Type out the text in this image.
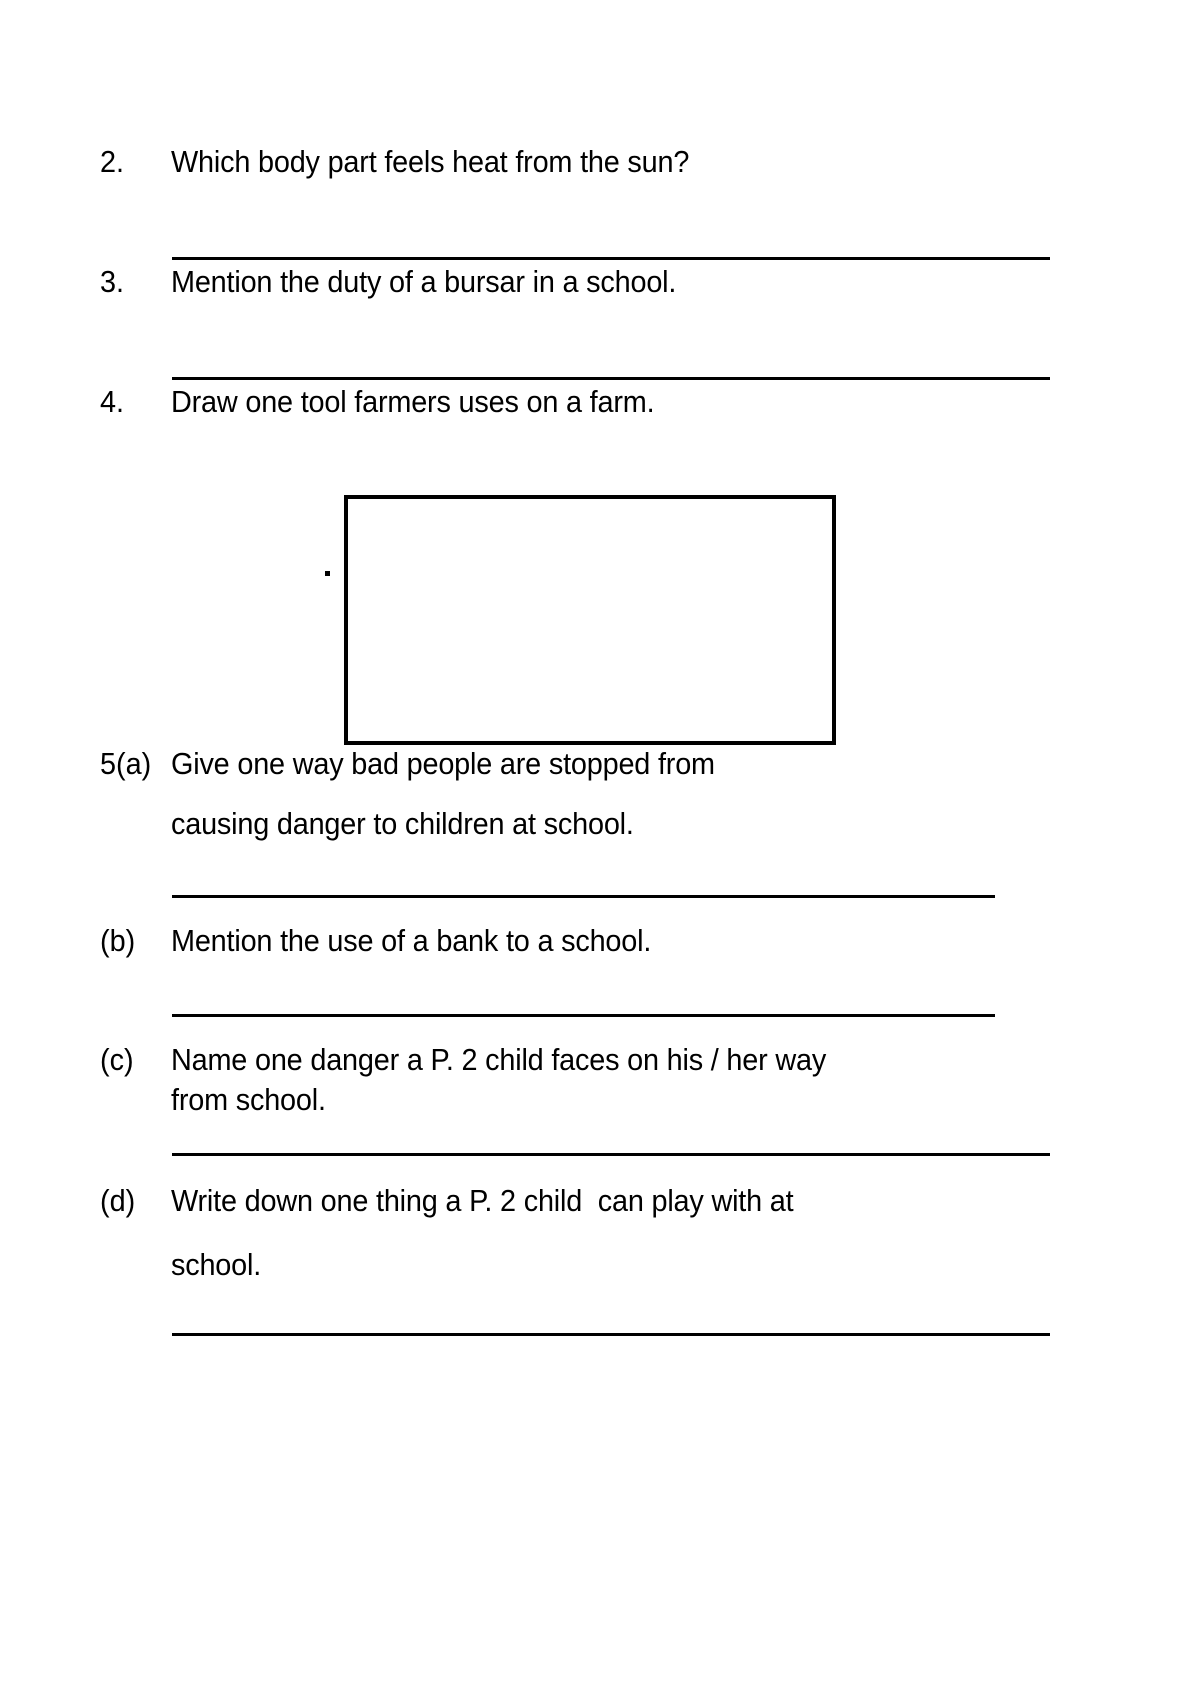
2. Which body part feels heat from the sun?
3. Mention the duty of a bursar in a school.
4. Draw one tool farmers uses on a farm.
5(a) Give one way bad people are stopped from
causing danger to children at school.
(b) Mention the use of a bank to a school.
(c) Name one danger a P. 2 child faces on his / her way
from school.
(d) Write down one thing a P. 2 child  can play with at
school.
